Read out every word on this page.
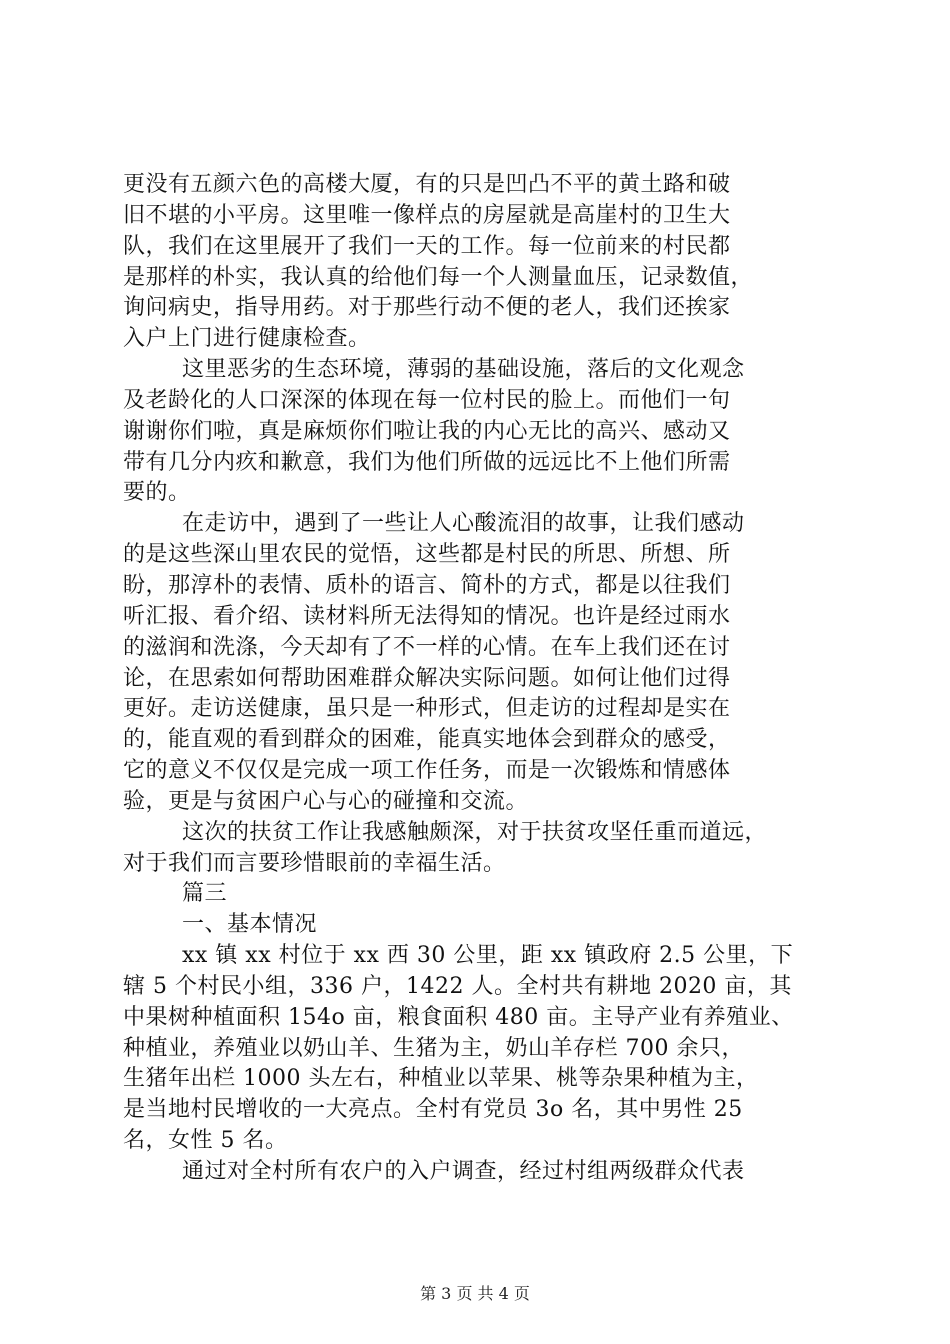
更没有五颜六色的高楼大厦，有的只是凹凸不平的黄土路和破
旧不堪的小平房。这里唯一像样点的房屋就是高崖村的卫生大
队，我们在这里展开了我们一天的工作。每一位前来的村民都
是那样的朴实，我认真的给他们每一个人测量血压，记录数值，
询问病史，指导用药。对于那些行动不便的老人，我们还挨家
入户上门进行健康检查。
这里恶劣的生态环境，薄弱的基础设施，落后的文化观念
及老龄化的人口深深的体现在每一位村民的脸上。而他们一句
谢谢你们啦，真是麻烦你们啦让我的内心无比的高兴、感动又
带有几分内疚和歉意，我们为他们所做的远远比不上他们所需
要的。
在走访中，遇到了一些让人心酸流泪的故事，让我们感动
的是这些深山里农民的觉悟，这些都是村民的所思、所想、所
盼，那淳朴的表情、质朴的语言、简朴的方式，都是以往我们
听汇报、看介绍、读材料所无法得知的情况。也许是经过雨水
的滋润和洗涤，今天却有了不一样的心情。在车上我们还在讨
论，在思索如何帮助困难群众解决实际问题。如何让他们过得
更好。走访送健康，虽只是一种形式，但走访的过程却是实在
的，能直观的看到群众的困难，能真实地体会到群众的感受，
它的意义不仅仅是完成一项工作任务，而是一次锻炼和情感体
验，更是与贫困户心与心的碰撞和交流。
这次的扶贫工作让我感触颇深，对于扶贫攻坚任重而道远，
对于我们而言要珍惜眼前的幸福生活。
篇三
一、基本情况
xx 镇 xx 村位于 xx 西 30 公里，距 xx 镇政府 2.5 公里，下
辖 5 个村民小组，336 户，1422 人。全村共有耕地 2020 亩，其
中果树种植面积 154o 亩，粮食面积 480 亩。主导产业有养殖业、
种植业，养殖业以奶山羊、生猪为主，奶山羊存栏 700 余只，
生猪年出栏 1000 头左右，种植业以苹果、桃等杂果种植为主，
是当地村民增收的一大亮点。全村有党员 3o 名，其中男性 25
名，女性 5 名。
通过对全村所有农户的入户调查，经过村组两级群众代表
第 3 页 共 4 页
